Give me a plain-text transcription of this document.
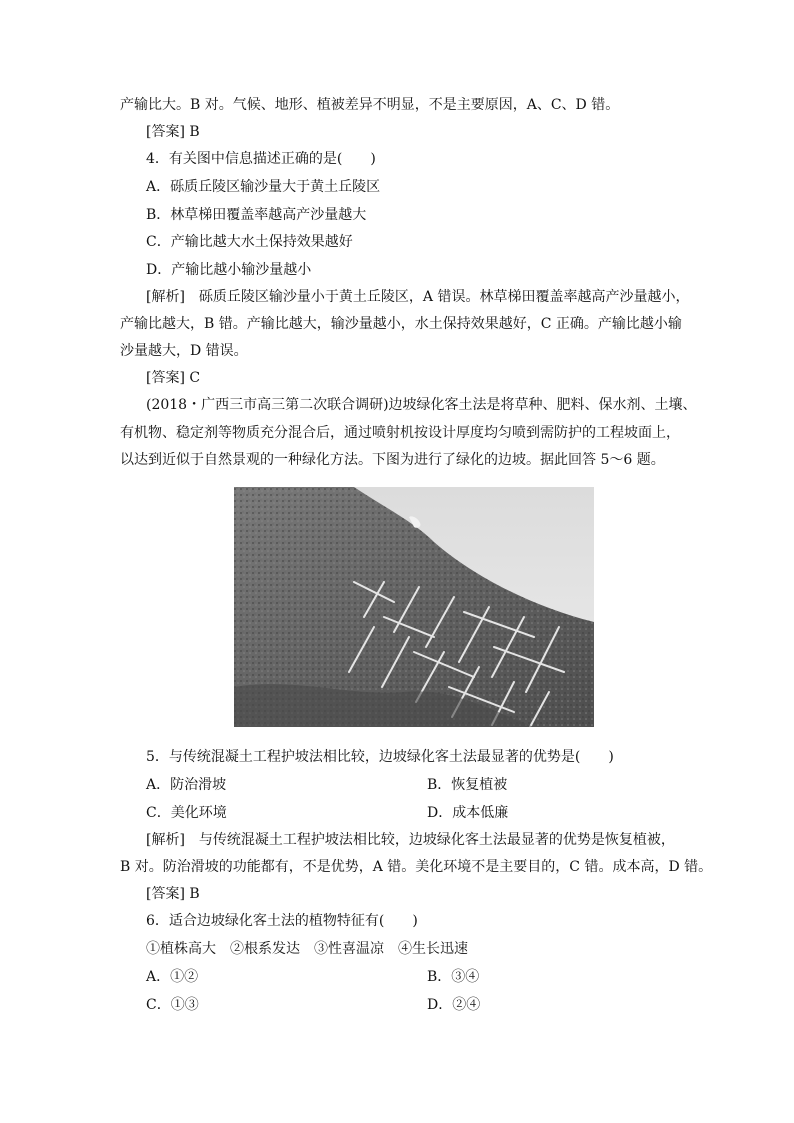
产输比大。B 对。气候、地形、植被差异不明显，不是主要原因，A、C、D 错。
[答案] B
4．有关图中信息描述正确的是(　　)
A．砾质丘陵区输沙量大于黄土丘陵区
B．林草梯田覆盖率越高产沙量越大
C．产输比越大水土保持效果越好
D．产输比越小输沙量越小
[解析]　砾质丘陵区输沙量小于黄土丘陵区，A 错误。林草梯田覆盖率越高产沙量越小，
产输比越大，B 错。产输比越大，输沙量越小，水土保持效果越好，C 正确。产输比越小输
沙量越大，D 错误。
[答案] C
(2018・广西三市高三第二次联合调研)边坡绿化客土法是将草种、肥料、保水剂、土壤、
有机物、稳定剂等物质充分混合后，通过喷射机按设计厚度均匀喷到需防护的工程坡面上，
以达到近似于自然景观的一种绿化方法。下图为进行了绿化的边坡。据此回答 5～6 题。
5．与传统混凝土工程护坡法相比较，边坡绿化客土法最显著的优势是(　　)
A．防治滑坡	B．恢复植被
C．美化环境	D．成本低廉
[解析]　与传统混凝土工程护坡法相比较，边坡绿化客土法最显著的优势是恢复植被，
B 对。防治滑坡的功能都有，不是优势，A 错。美化环境不是主要目的，C 错。成本高，D 错。
[答案] B
6．适合边坡绿化客土法的植物特征有(　　)
①植株高大　②根系发达　③性喜温凉　④生长迅速
A．①②	B．③④
C．①③	D．②④
